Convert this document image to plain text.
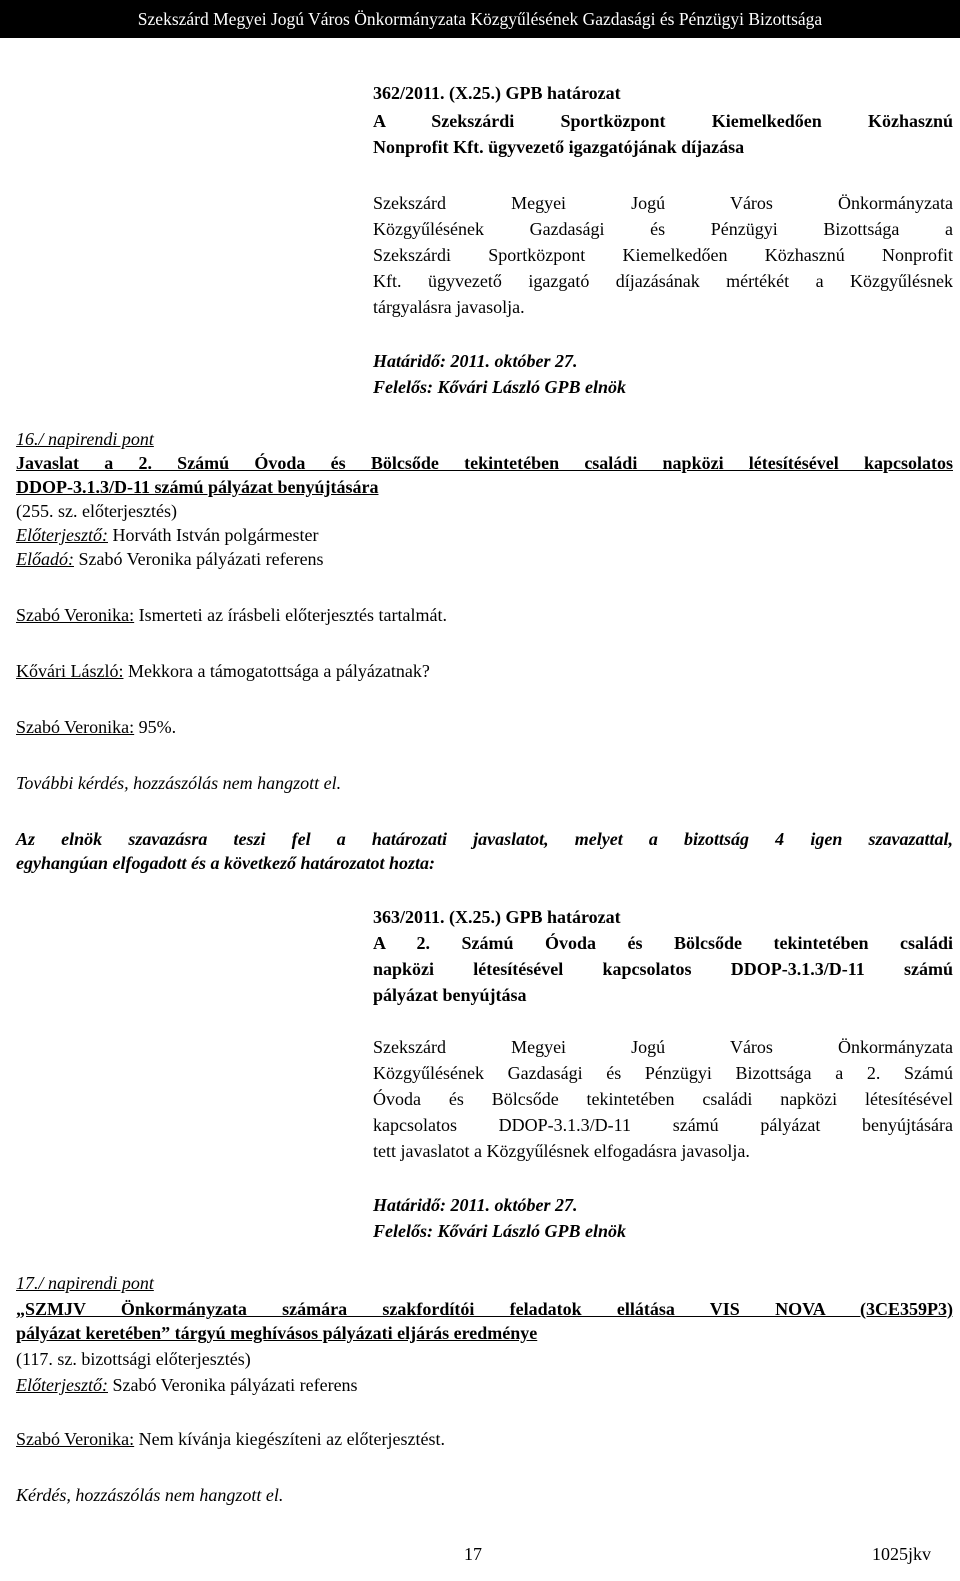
Szekszárd Megyei Jogú Város Önkormányzata Közgyűlésének Gazdasági és Pénzügyi Bizottsága

362/2011. (X.25.) GPB határozat

A Szekszárdi Sportközpont Kiemelkedően Közhasznú

Nonprofit Kft. ügyvezető igazgatójának díjazása

Szekszárd Megyei Jogú Város Önkormányzata

Közgyűlésének Gazdasági és Pénzügyi Bizottsága a

Szekszárdi Sportközpont Kiemelkedően Közhasznú Nonprofit

Kft. ügyvezető igazgató díjazásának mértékét a Közgyűlésnek

tárgyalásra javasolja.

Határidő: 2011. október 27.

Felelős: Kővári László GPB elnök

16./ napirendi pont

Javaslat a 2. Számú Óvoda és Bölcsőde tekintetében családi napközi létesítésével kapcsolatos

DDOP-3.1.3/D-11 számú pályázat benyújtására

(255. sz. előterjesztés)

Előterjesztő: Horváth István polgármester

Előadó: Szabó Veronika pályázati referens

Szabó Veronika: Ismerteti az írásbeli előterjesztés tartalmát.

Kővári László: Mekkora a támogatottsága a pályázatnak?

Szabó Veronika: 95%.

További kérdés, hozzászólás nem hangzott el.

Az elnök szavazásra teszi fel a határozati javaslatot, melyet a bizottság 4 igen szavazattal,

egyhangúan elfogadott és a következő határozatot hozta:

363/2011. (X.25.) GPB határozat

A 2. Számú Óvoda és Bölcsőde tekintetében családi

napközi létesítésével kapcsolatos DDOP-3.1.3/D-11 számú

pályázat benyújtása

Szekszárd Megyei Jogú Város Önkormányzata

Közgyűlésének Gazdasági és Pénzügyi Bizottsága a 2. Számú

Óvoda és Bölcsőde tekintetében családi napközi létesítésével

kapcsolatos DDOP-3.1.3/D-11 számú pályázat benyújtására

tett javaslatot a Közgyűlésnek elfogadásra javasolja.

Határidő: 2011. október 27.

Felelős: Kővári László GPB elnök

17./ napirendi pont

„SZMJV Önkormányzata számára szakfordítói feladatok ellátása VIS NOVA (3CE359P3)

pályázat keretében” tárgyú meghívásos pályázati eljárás eredménye

(117. sz. bizottsági előterjesztés)

Előterjesztő: Szabó Veronika pályázati referens

Szabó Veronika: Nem kívánja kiegészíteni az előterjesztést.

Kérdés, hozzászólás nem hangzott el.

17	1025jkv
